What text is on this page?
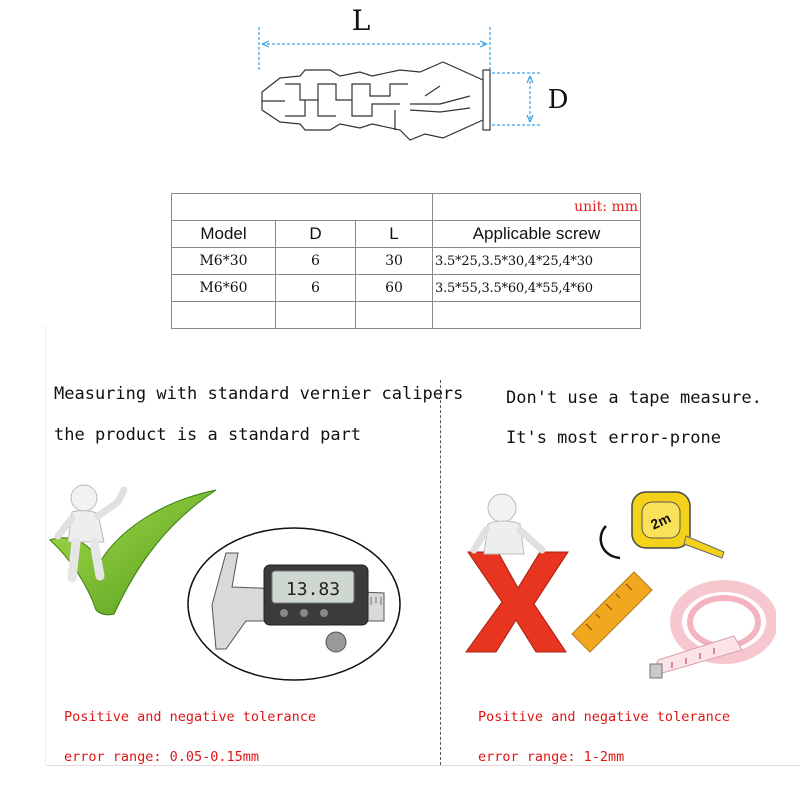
L
D
			unit: mm
Model	D	L	Applicable screw
M6*30	6	30	3.5*25,3.5*30,4*25,4*30
M6*60	6	60	3.5*55,3.5*60,4*55,4*60

Measuring with standard vernier calipers
the product is a standard part
13.83
Positive and negative tolerance
error range: 0.05-0.15mm
Don't use a tape measure.
It's most error-prone
2m
Positive and negative tolerance
error range: 1-2mm
